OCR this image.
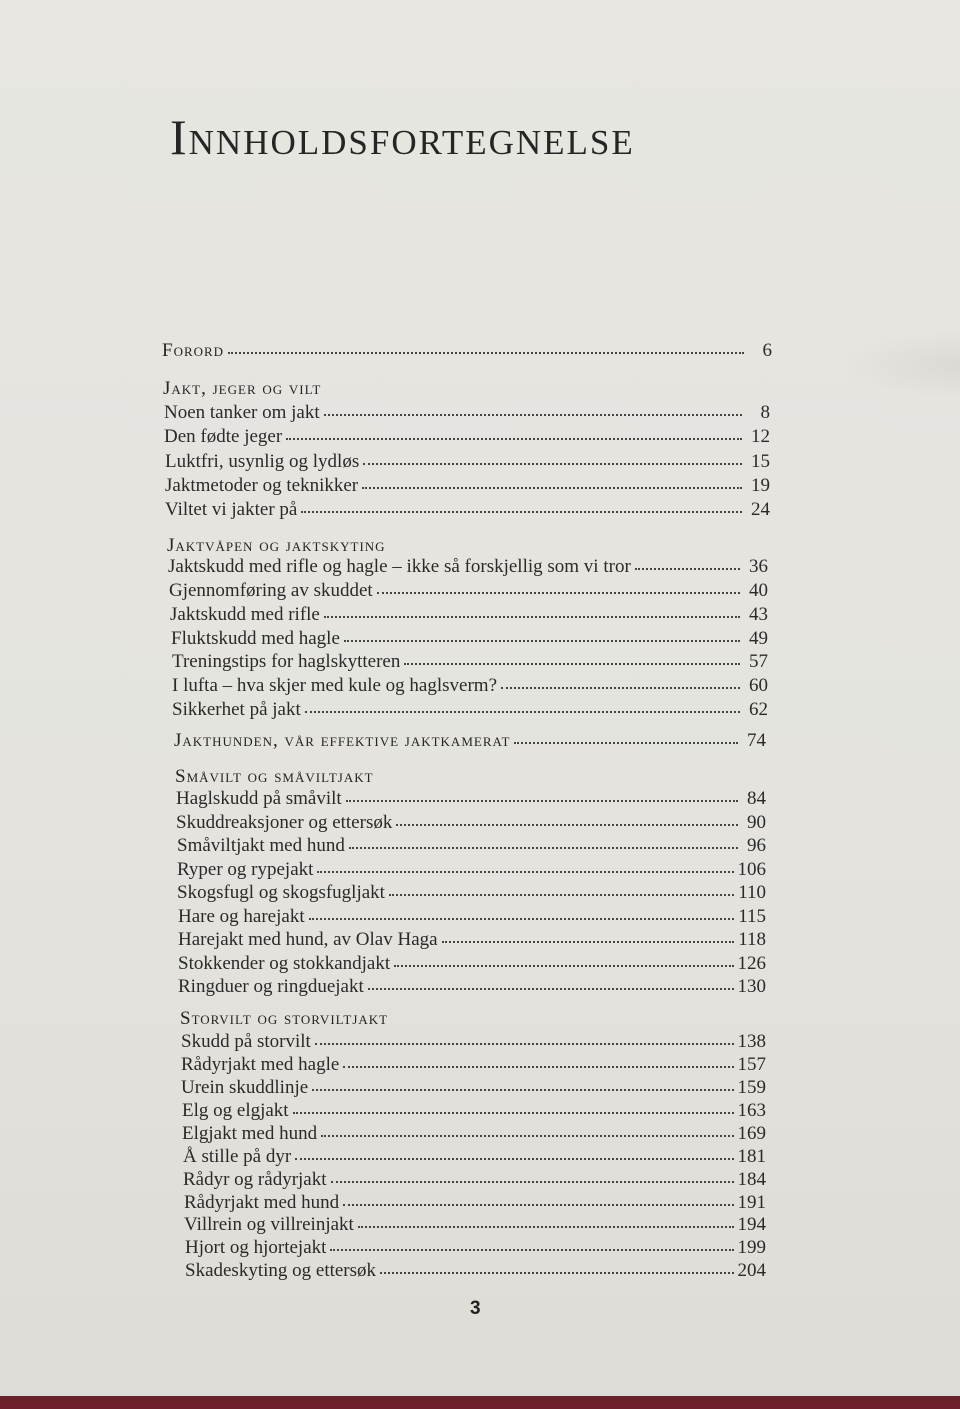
Innholdsfortegnelse
Forord	6
Jakt, jeger og vilt
Noen tanker om jakt	8
Den fødte jeger	12
Luktfri, usynlig og lydløs	15
Jaktmetoder og teknikker	19
Viltet vi jakter på	24
Jaktvåpen og jaktskyting
Jaktskudd med rifle og hagle – ikke så forskjellig som vi tror	36
Gjennomføring av skuddet	40
Jaktskudd med rifle	43
Fluktskudd med hagle	49
Treningstips for haglskytteren	57
I lufta – hva skjer med kule og haglsverm?	60
Sikkerhet på jakt	62
Jakthunden, vår effektive jaktkamerat	74
Småvilt og småviltjakt
Haglskudd på småvilt	84
Skuddreaksjoner og ettersøk	90
Småviltjakt med hund	96
Ryper og rypejakt	106
Skogsfugl og skogsfugljakt	110
Hare og harejakt	115
Harejakt med hund, av Olav Haga	118
Stokkender og stokkandjakt	126
Ringduer og ringduejakt	130
Storvilt og storviltjakt
Skudd på storvilt	138
Rådyrjakt med hagle	157
Urein skuddlinje	159
Elg og elgjakt	163
Elgjakt med hund	169
Å stille på dyr	181
Rådyr og rådyrjakt	184
Rådyrjakt med hund	191
Villrein og villreinjakt	194
Hjort og hjortejakt	199
Skadeskyting og ettersøk	204
3
